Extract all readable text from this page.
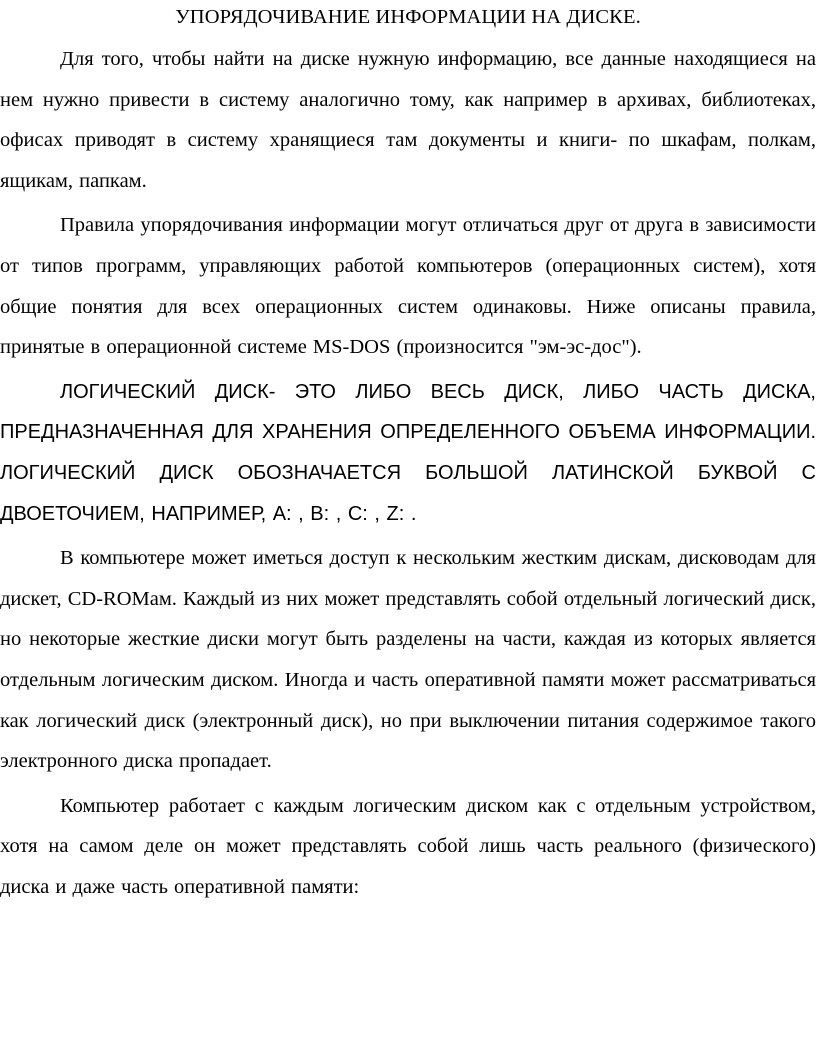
УПОРЯДОЧИВАНИЕ ИНФОРМАЦИИ НА ДИСКЕ.

Для того, чтобы найти на диске нужную информацию, все данные находящиеся на нем нужно привести в систему аналогично тому, как например в архивах, библиотеках, офисах приводят в систему хранящиеся там документы и книги- по шкафам, полкам, ящикам, папкам.

Правила упорядочивания информации могут отличаться друг от друга в зависимости от типов программ, управляющих работой компьютеров (операционных систем), хотя общие понятия для всех операционных систем одинаковы. Ниже описаны правила, принятые в операционной системе MS-DOS (произносится "эм-эс-дос").

ЛОГИЧЕСКИЙ ДИСК- ЭТО ЛИБО ВЕСЬ ДИСК, ЛИБО ЧАСТЬ ДИСКА, ПРЕДНАЗНАЧЕННАЯ ДЛЯ ХРАНЕНИЯ ОПРЕДЕЛЕННОГО ОБЪЕМА ИНФОРМАЦИИ. ЛОГИЧЕСКИЙ ДИСК ОБОЗНАЧАЕТСЯ БОЛЬШОЙ ЛАТИНСКОЙ БУКВОЙ С ДВОЕТОЧИЕМ, НАПРИМЕР, А: , В: , С: , Z: .

В компьютере может иметься доступ к нескольким жестким дискам, дисководам для дискет, CD-ROMам. Каждый из них может представлять собой отдельный логический диск, но некоторые жесткие диски могут быть разделены на части, каждая из которых является отдельным логическим диском. Иногда и часть оперативной памяти может рассматриваться как логический диск (электронный диск), но при выключении питания содержимое такого электронного диска пропадает.

Компьютер работает с каждым логическим диском как с отдельным устройством, хотя на самом деле он может представлять собой лишь часть реального (физического) диска и даже часть оперативной памяти:
